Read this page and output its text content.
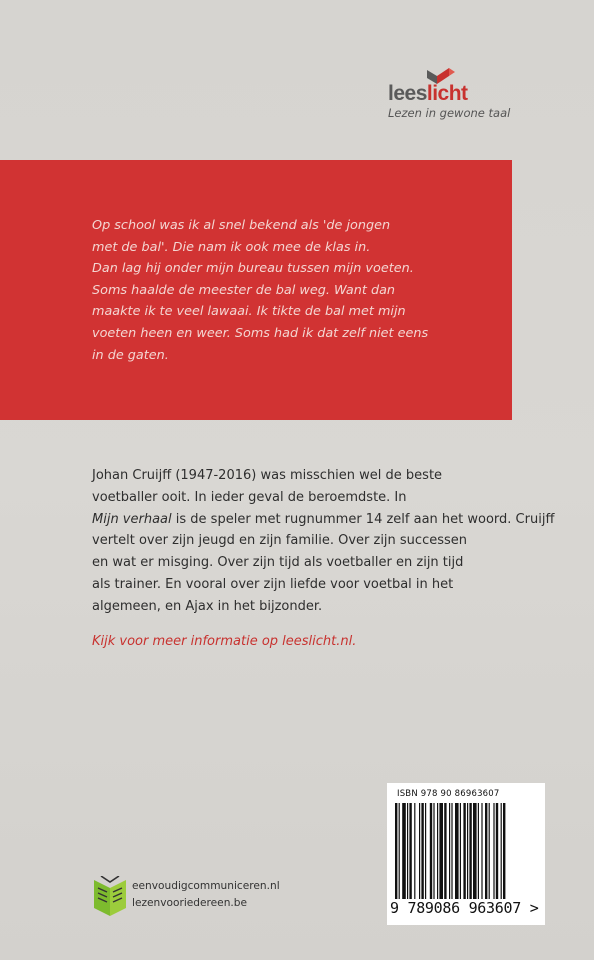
leeslicht
Lezen in gewone taal
Op school was ik al snel bekend als 'de jongen
met de bal'. Die nam ik ook mee de klas in.
Dan lag hij onder mijn bureau tussen mijn voeten.
Soms haalde de meester de bal weg. Want dan
maakte ik te veel lawaai. Ik tikte de bal met mijn
voeten heen en weer. Soms had ik dat zelf niet eens
in de gaten.
Johan Cruijff (1947-2016) was misschien wel de beste
voetballer ooit. In ieder geval de beroemdste. In
Mijn verhaal is de speler met rugnummer 14 zelf aan het woord. Cruijff
vertelt over zijn jeugd en zijn familie. Over zijn successen
en wat er misging. Over zijn tijd als voetballer en zijn tijd
als trainer. En vooral over zijn liefde voor voetbal in het
algemeen, en Ajax in het bijzonder.
Kijk voor meer informatie op leeslicht.nl.
eenvoudigcommuniceren.nl
lezenvooriedereen.be
ISBN 978 90 86963607
9 789086 963607 >
